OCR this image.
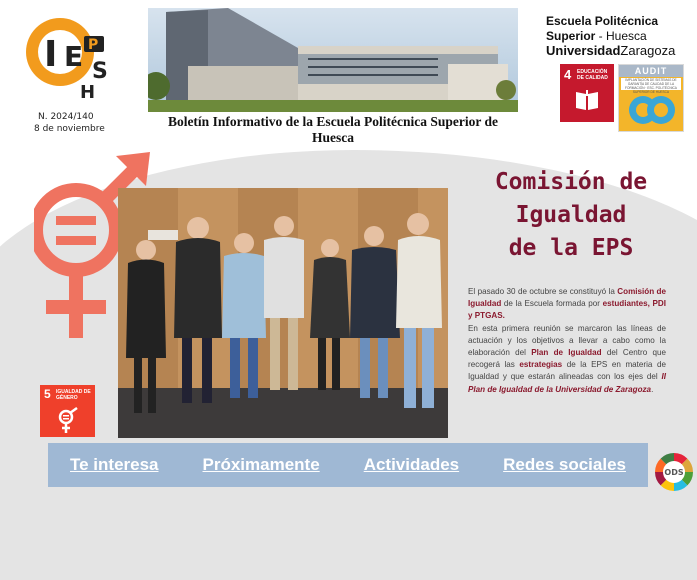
I E P
S
H
N. 2024/140
8 de noviembre	Boletín Informativo de la Escuela Politécnica Superior de Huesca
Escuela Politécnica
Superior - Huesca
UniversidadZaragoza
4 EDUCACIÓN DE CALIDAD
AUDIT
IMPLANTACIÓN DE SISTEMAS DE GARANTÍA DE CALIDAD DE LA FORMACIÓN · ESC. POLITÉCNICA SUPERIOR DE HUESCA
5 IGUALDAD DE GÉNERO
Comisión de
Igualdad
de la EPS

El pasado 30 de octubre se constituyó la Comisión de Igualdad de la Escuela formada por estudiantes, PDI y PTGAS.

En esta primera reunión se marcaron las líneas de actuación y los objetivos a llevar a cabo como la elaboración del Plan de Igualdad del Centro que recogerá las estrategias de la EPS en materia de Igualdad y que estarán alineadas con los ejes del II Plan de Igualdad de la Universidad de Zaragoza.

Te interesa	Próximamente	Actividades	Redes sociales	ODS
